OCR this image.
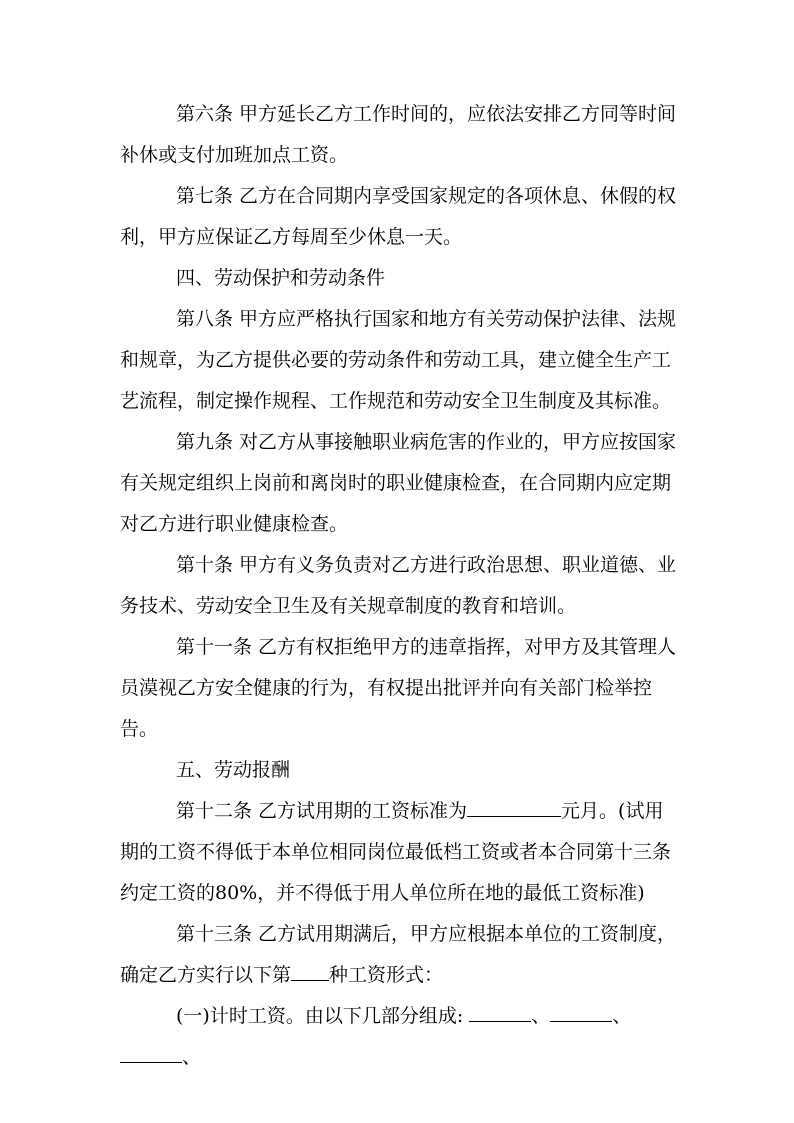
第六条 甲方延长乙方工作时间的，应依法安排乙方同等时间补休或支付加班加点工资。

第七条 乙方在合同期内享受国家规定的各项休息、休假的权利，甲方应保证乙方每周至少休息一天。

四、劳动保护和劳动条件

第八条 甲方应严格执行国家和地方有关劳动保护法律、法规和规章，为乙方提供必要的劳动条件和劳动工具，建立健全生产工艺流程，制定操作规程、工作规范和劳动安全卫生制度及其标准。

第九条 对乙方从事接触职业病危害的作业的，甲方应按国家有关规定组织上岗前和离岗时的职业健康检查，在合同期内应定期对乙方进行职业健康检查。

第十条 甲方有义务负责对乙方进行政治思想、职业道德、业务技术、劳动安全卫生及有关规章制度的教育和培训。

第十一条 乙方有权拒绝甲方的违章指挥，对甲方及其管理人员漠视乙方安全健康的行为，有权提出批评并向有关部门检举控告。

五、劳动报酬

第十二条 乙方试用期的工资标准为	元月。(试用期的工资不得低于本单位相同岗位最低档工资或者本合同第十三条约定工资的80%，并不得低于用人单位所在地的最低工资标准)

第十三条 乙方试用期满后，甲方应根据本单位的工资制度，确定乙方实行以下第 种工资形式：

(一)计时工资。由以下几部分组成:	、	、、
